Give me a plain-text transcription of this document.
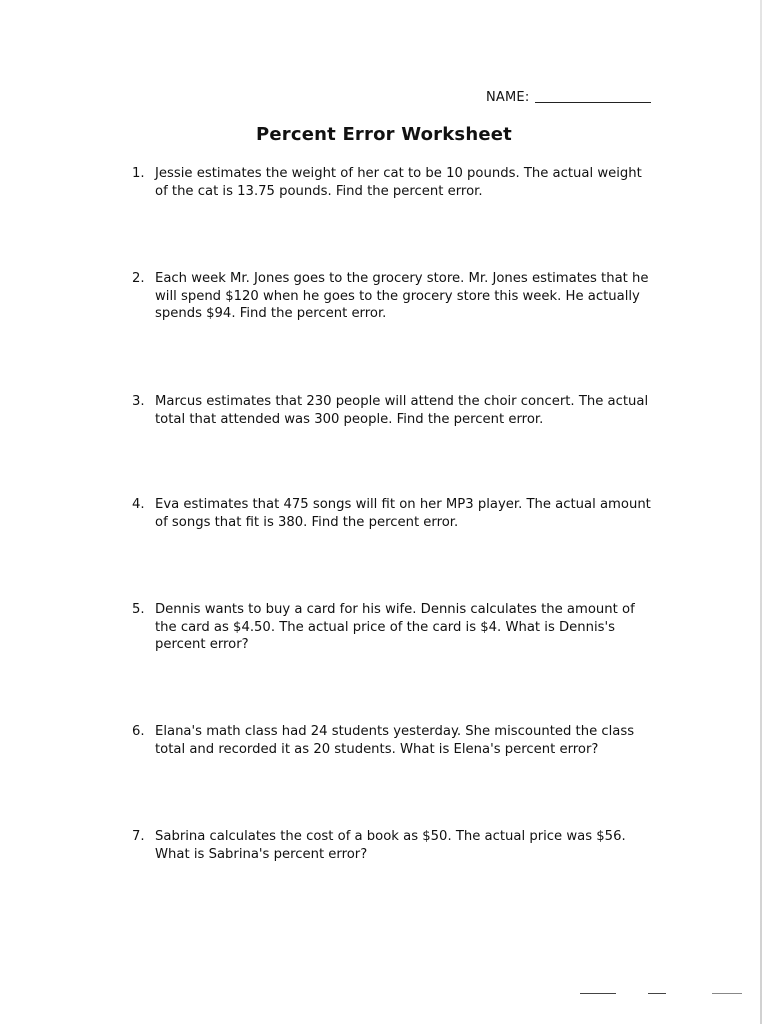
NAME:
Percent Error Worksheet
1. Jessie estimates the weight of her cat to be 10 pounds. The actual weight of the cat is 13.75 pounds. Find the percent error.
2. Each week Mr. Jones goes to the grocery store. Mr. Jones estimates that he will spend $120 when he goes to the grocery store this week. He actually spends $94. Find the percent error.
3. Marcus estimates that 230 people will attend the choir concert. The actual total that attended was 300 people. Find the percent error.
4. Eva estimates that 475 songs will fit on her MP3 player. The actual amount of songs that fit is 380. Find the percent error.
5. Dennis wants to buy a card for his wife. Dennis calculates the amount of the card as $4.50. The actual price of the card is $4. What is Dennis's percent error?
6. Elana's math class had 24 students yesterday. She miscounted the class total and recorded it as 20 students. What is Elena's percent error?
7. Sabrina calculates the cost of a book as $50. The actual price was $56. What is Sabrina's percent error?
